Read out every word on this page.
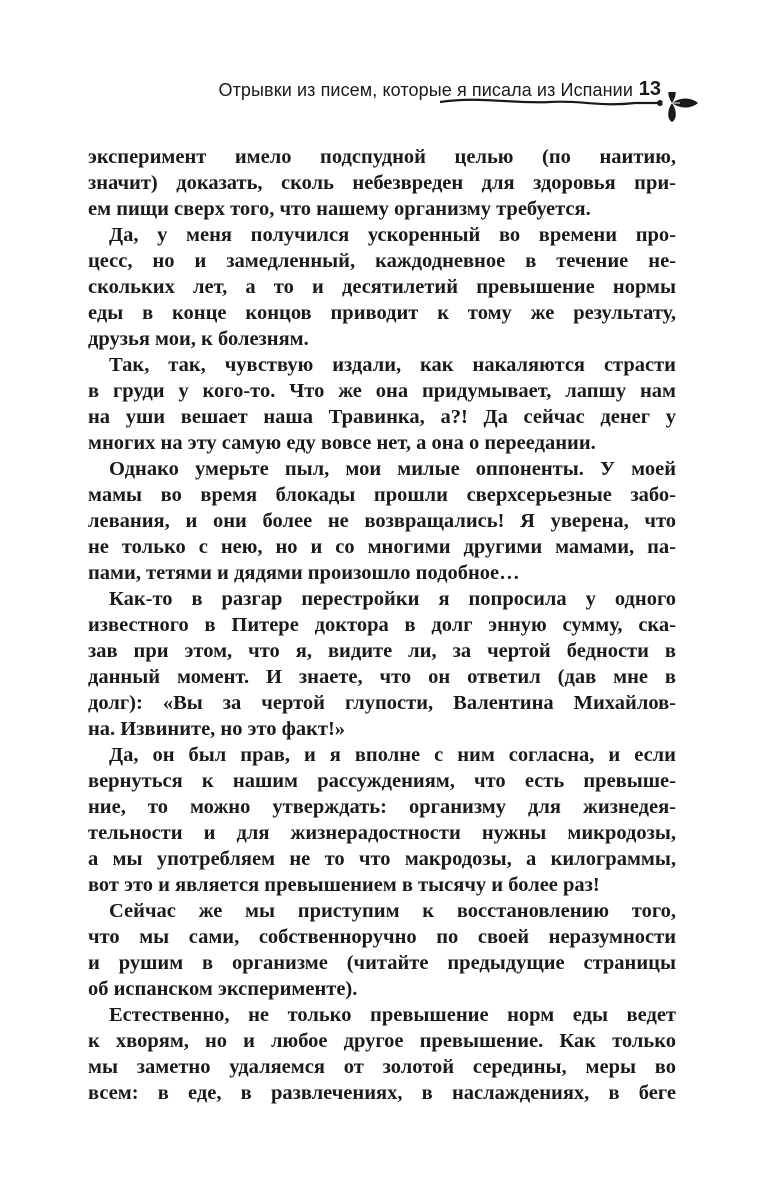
Отрывки из писем, которые я писала из Испании 13
эксперимент имело подспудной целью (по наитию,
значит) доказать, сколь небезвреден для здоровья при-
ем пищи сверх того, что нашему организму требуется.
Да, у меня получился ускоренный во времени про-
цесс, но и замедленный, каждодневное в течение не-
скольких лет, а то и десятилетий превышение нормы
еды в конце концов приводит к тому же результату,
друзья мои, к болезням.
Так, так, чувствую издали, как накаляются страсти
в груди у кого-то. Что же она придумывает, лапшу нам
на уши вешает наша Травинка, а?! Да сейчас денег у
многих на эту самую еду вовсе нет, а она о переедании.
Однако умерьте пыл, мои милые оппоненты. У моей
мамы во время блокады прошли сверхсерьезные забо-
левания, и они более не возвращались! Я уверена, что
не только с нею, но и со многими другими мамами, па-
пами, тетями и дядями произошло подобное…
Как-то в разгар перестройки я попросила у одного
известного в Питере доктора в долг энную сумму, ска-
зав при этом, что я, видите ли, за чертой бедности в
данный момент. И знаете, что он ответил (дав мне в
долг): «Вы за чертой глупости, Валентина Михайлов-
на. Извините, но это факт!»
Да, он был прав, и я вполне с ним согласна, и если
вернуться к нашим рассуждениям, что есть превыше-
ние, то можно утверждать: организму для жизнедея-
тельности и для жизнерадостности нужны микродозы,
а мы употребляем не то что макродозы, а килограммы,
вот это и является превышением в тысячу и более раз!
Сейчас же мы приступим к восстановлению того,
что мы сами, собственноручно по своей неразумности
и рушим в организме (читайте предыдущие страницы
об испанском эксперименте).
Естественно, не только превышение норм еды ведет
к хворям, но и любое другое превышение. Как только
мы заметно удаляемся от золотой середины, меры во
всем: в еде, в развлечениях, в наслаждениях, в беге
